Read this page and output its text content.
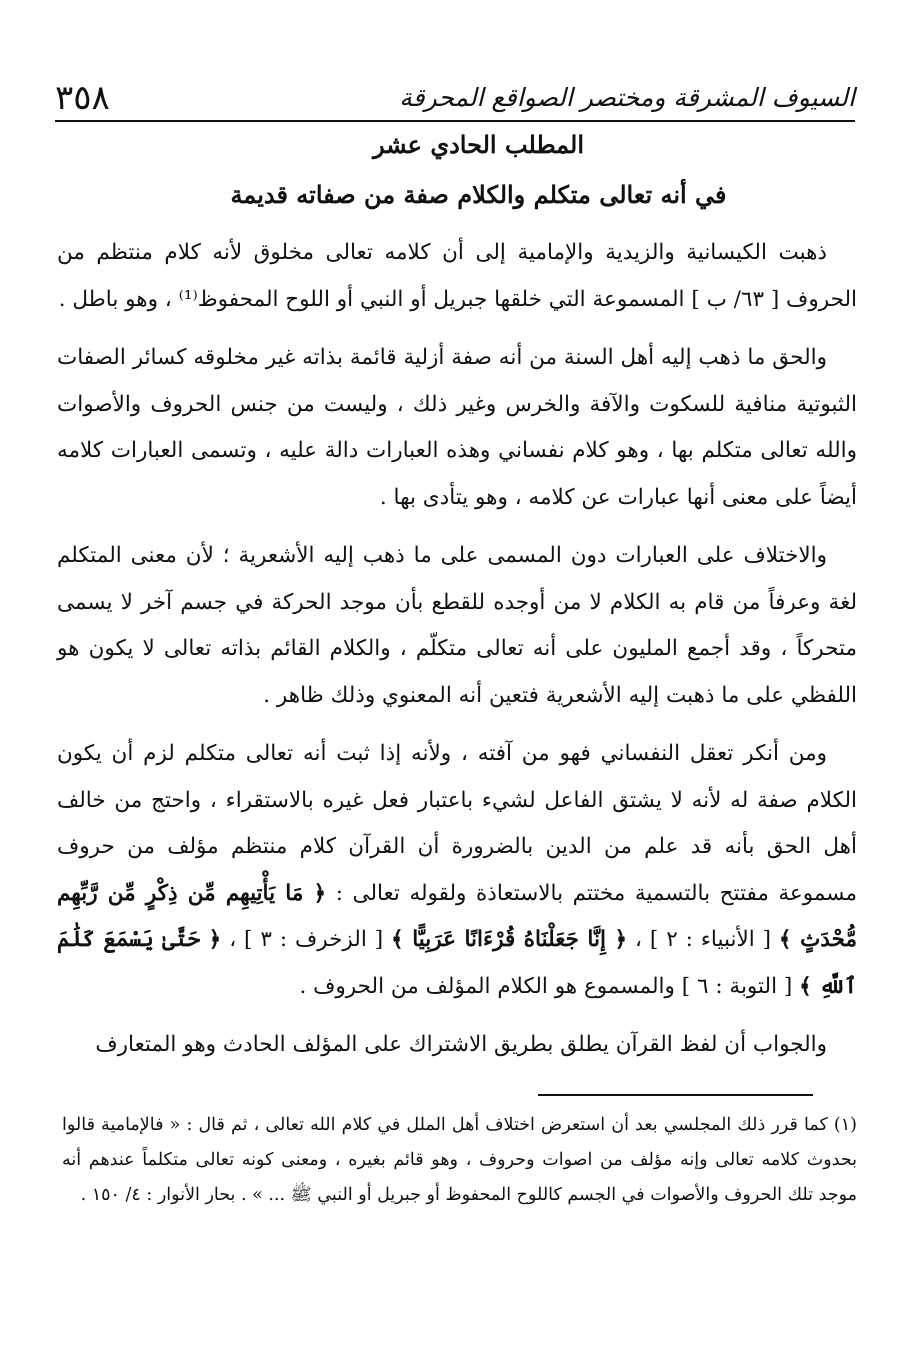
٣٥٨	السيوف المشرقة ومختصر الصواقع المحرقة
المطلب الحادي عشر
في أنه تعالى متكلم والكلام صفة من صفاته قديمة

ذهبت الكيسانية والزيدية والإمامية إلى أن كلامه تعالى مخلوق لأنه كلام منتظم من الحروف [ ٦٣/ ب ] المسموعة التي خلقها جبريل أو النبي أو اللوح المحفوظ⁽¹⁾ ، وهو باطل .

والحق ما ذهب إليه أهل السنة من أنه صفة أزلية قائمة بذاته غير مخلوقه كسائر الصفات الثبوتية منافية للسكوت والآفة والخرس وغير ذلك ، وليست من جنس الحروف والأصوات والله تعالى متكلم بها ، وهو كلام نفساني وهذه العبارات دالة عليه ، وتسمى العبارات كلامه أيضاً على معنى أنها عبارات عن كلامه ، وهو يتأدى بها .

والاختلاف على العبارات دون المسمى على ما ذهب إليه الأشعرية ؛ لأن معنى المتكلم لغة وعرفاً من قام به الكلام لا من أوجده للقطع بأن موجد الحركة في جسم آخر لا يسمى متحركاً ، وقد أجمع المليون على أنه تعالى متكلّم ، والكلام القائم بذاته تعالى لا يكون هو اللفظي على ما ذهبت إليه الأشعرية فتعين أنه المعنوي وذلك ظاهر .

ومن أنكر تعقل النفساني فهو من آفته ، ولأنه إذا ثبت أنه تعالى متكلم لزم أن يكون الكلام صفة له لأنه لا يشتق الفاعل لشيء باعتبار فعل غيره بالاستقراء ، واحتج من خالف أهل الحق بأنه قد علم من الدين بالضرورة أن القرآن كلام منتظم مؤلف من حروف مسموعة مفتتح بالتسمية مختتم بالاستعاذة ولقوله تعالى : ﴿ مَا يَأْتِيهِم مِّن ذِكْرٍ مِّن رَّبِّهِم مُّحْدَثٍ ﴾ [ الأنبياء : ٢ ] ، ﴿ إِنَّا جَعَلْنَاهُ قُرْءَانًا عَرَبِيًّا ﴾ [ الزخرف : ٣ ] ، ﴿ حَتَّىٰ يَسْمَعَ كَلَٰمَ ٱللَّهِ ﴾ [ التوبة : ٦ ] والمسموع هو الكلام المؤلف من الحروف .

والجواب أن لفظ القرآن يطلق بطريق الاشتراك على المؤلف الحادث وهو المتعارف

(١) كما قرر ذلك المجلسي بعد أن استعرض اختلاف أهل الملل في كلام الله تعالى ، ثم قال : « فالإمامية قالوا بحدوث كلامه تعالى وإنه مؤلف من اصوات وحروف ، وهو قائم بغيره ، ومعنى كونه تعالى متكلماً عندهم أنه موجد تلك الحروف والأصوات في الجسم كاللوح المحفوظ أو جبريل أو النبي ﷺ ... » . بحار الأنوار : ٤/ ١٥٠ .
